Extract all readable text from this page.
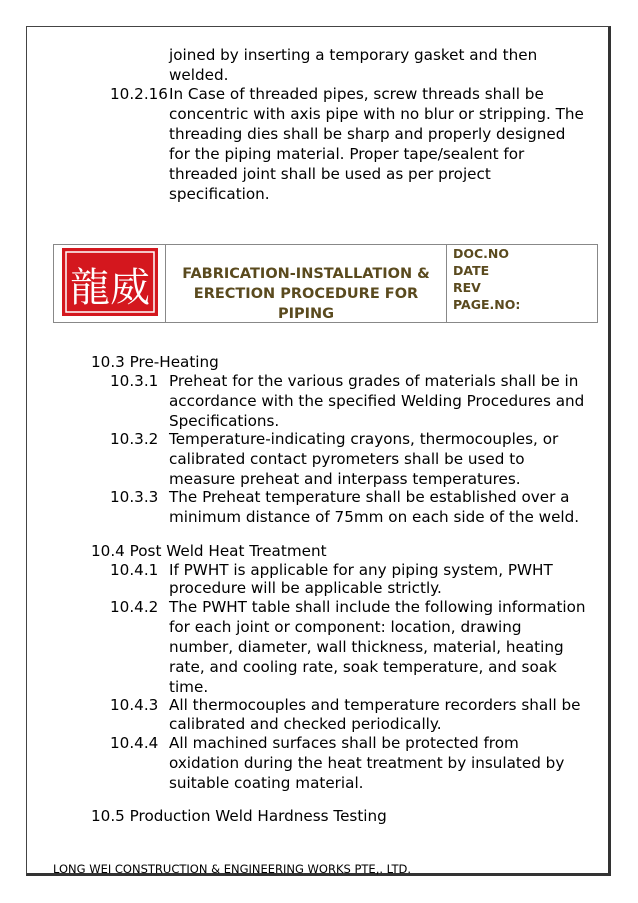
joined by inserting a temporary gasket and then
welded.
10.2.16 In Case of threaded pipes, screw threads shall be
concentric with axis pipe with no blur or stripping. The
threading dies shall be sharp and properly designed
for the piping material. Proper tape/sealent for
threaded joint shall be used as per project
specification.
龍威	FABRICATION-INSTALLATION &
ERECTION PROCEDURE FOR
PIPING
DOC.NO
DATE
REV
PAGE.NO:
10.3 Pre-Heating
10.3.1 Preheat for the various grades of materials shall be in
accordance with the specified Welding Procedures and
Specifications.
10.3.2 Temperature-indicating crayons, thermocouples, or
calibrated contact pyrometers shall be used to
measure preheat and interpass temperatures.
10.3.3 The Preheat temperature shall be established over a
minimum distance of 75mm on each side of the weld.
10.4 Post Weld Heat Treatment
10.4.1 If PWHT is applicable for any piping system, PWHT
procedure will be applicable strictly.
10.4.2 The PWHT table shall include the following information
for each joint or component: location, drawing
number, diameter, wall thickness, material, heating
rate, and cooling rate, soak temperature, and soak
time.
10.4.3 All thermocouples and temperature recorders shall be
calibrated and checked periodically.
10.4.4 All machined surfaces shall be protected from
oxidation during the heat treatment by insulated by
suitable coating material.
10.5 Production Weld Hardness Testing
LONG WEI CONSTRUCTION & ENGINEERING WORKS PTE,. LTD.
